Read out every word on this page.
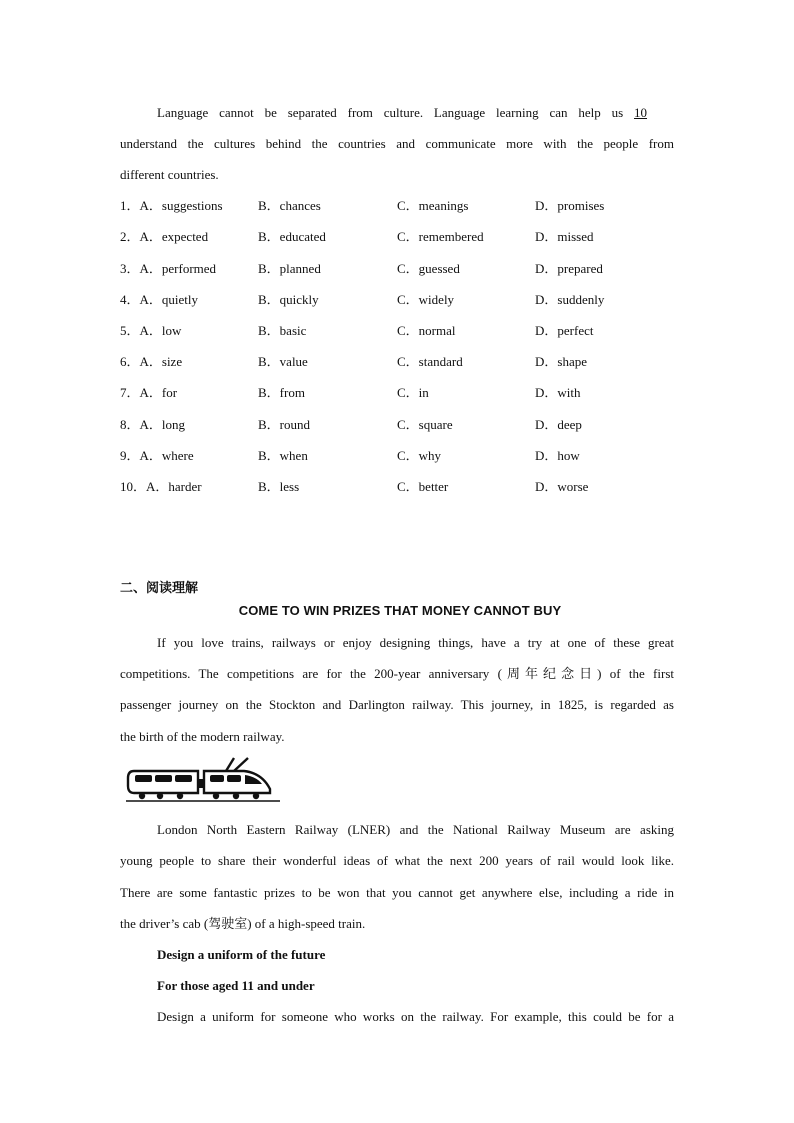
Language cannot be separated from culture. Language learning can help us 10
understand the cultures behind the countries and communicate more with the people from
different countries.
1．A．suggestions	B．chances	C．meanings	D．promises
2．A．expected	B．educated	C．remembered	D．missed
3．A．performed	B．planned	C．guessed	D．prepared
4．A．quietly	B．quickly	C．widely	D．suddenly
5．A．low	B．basic	C．normal	D．perfect
6．A．size	B．value	C．standard	D．shape
7．A．for	B．from	C．in	D．with
8．A．long	B．round	C．square	D．deep
9．A．where	B．when	C．why	D．how
10．A．harder	B．less	C．better	D．worse
二、阅读理解
COME TO WIN PRIZES THAT MONEY CANNOT BUY
If you love trains, railways or enjoy designing things, have a try at one of these great
competitions. The competitions are for the 200-year anniversary (周年纪念日) of the first
passenger journey on the Stockton and Darlington railway. This journey, in 1825, is regarded as
the birth of the modern railway.
London North Eastern Railway (LNER) and the National Railway Museum are asking
young people to share their wonderful ideas of what the next 200 years of rail would look like.
There are some fantastic prizes to be won that you cannot get anywhere else, including a ride in
the driver’s cab (驾驶室) of a high-speed train.
Design a uniform of the future
For those aged 11 and under
Design a uniform for someone who works on the railway. For example, this could be for a
